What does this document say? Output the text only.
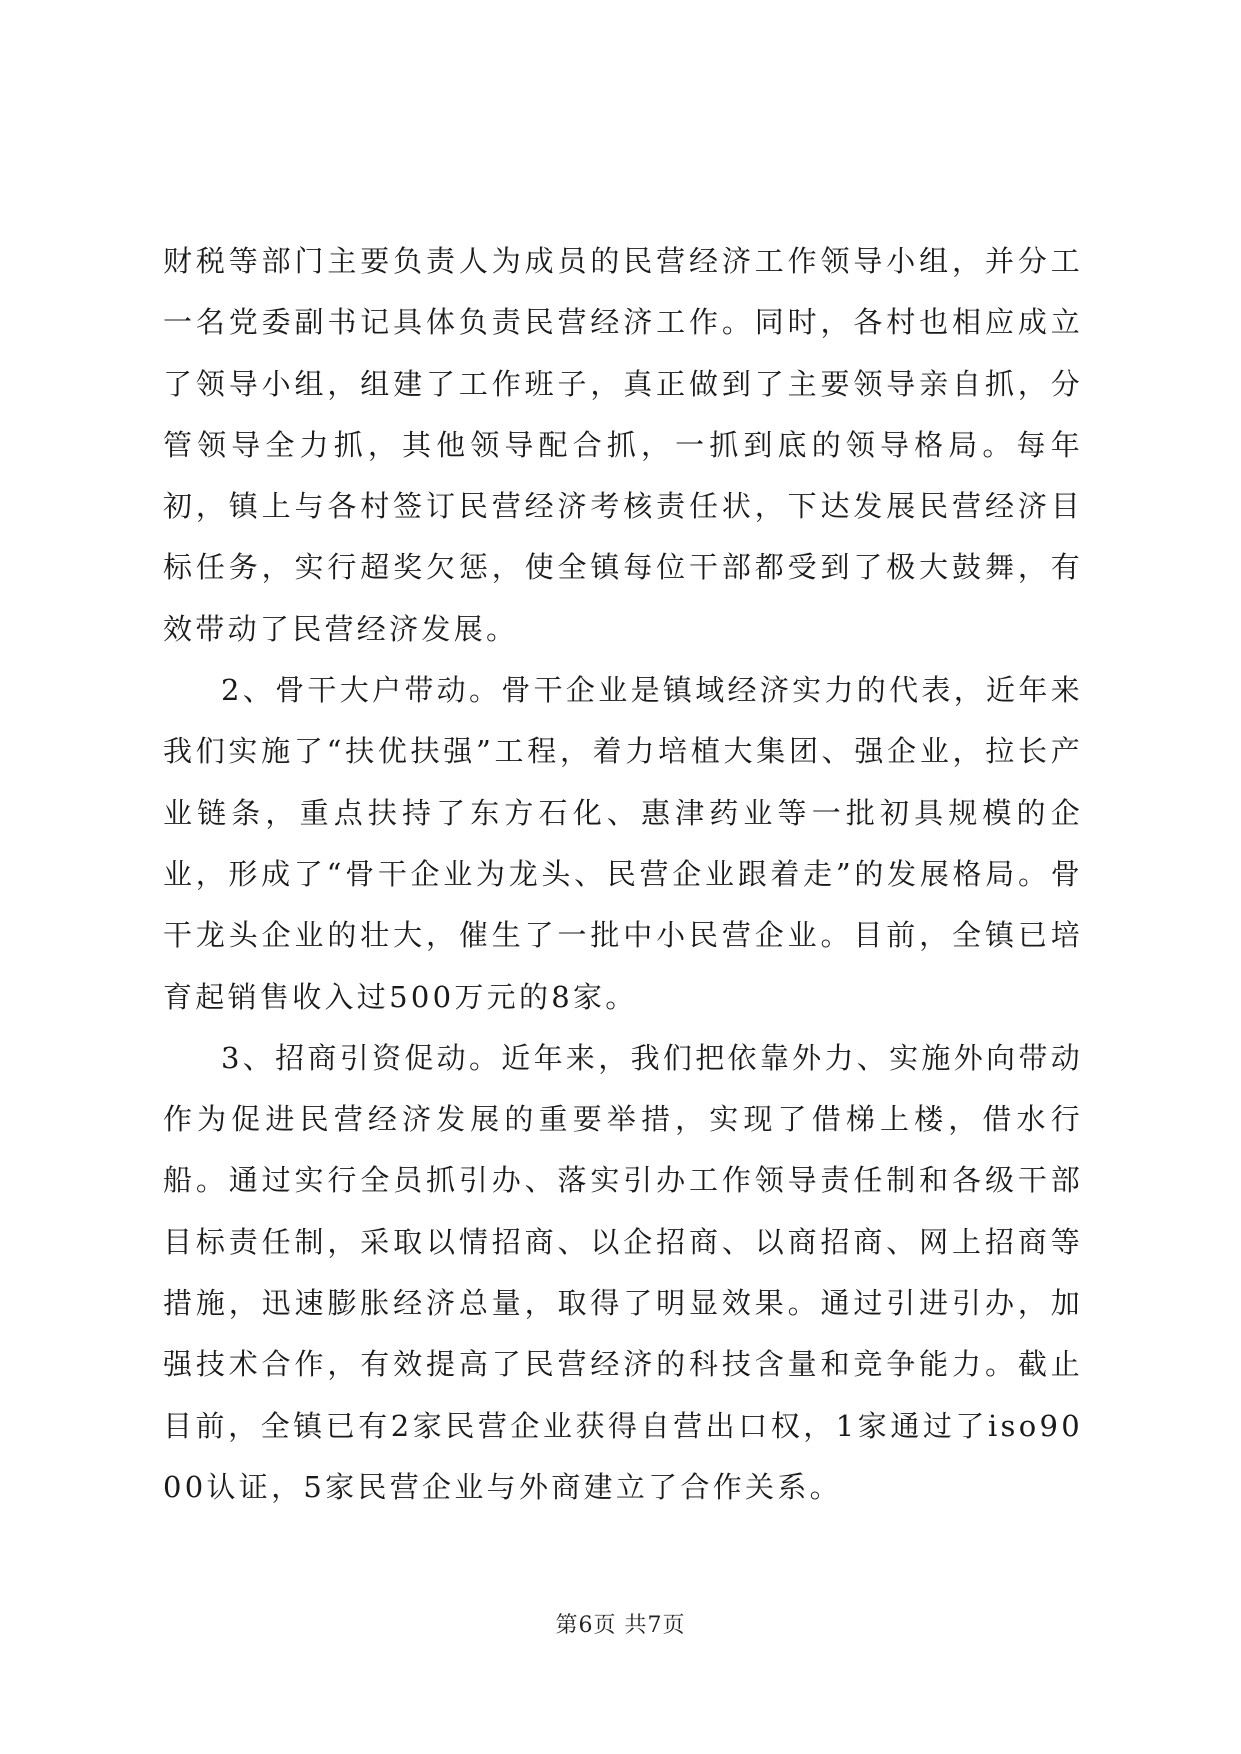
财税等部门主要负责人为成员的民营经济工作领导小组，并分工一名党委副书记具体负责民营经济工作。同时，各村也相应成立了领导小组，组建了工作班子，真正做到了主要领导亲自抓，分管领导全力抓，其他领导配合抓，一抓到底的领导格局。每年初，镇上与各村签订民营经济考核责任状，下达发展民营经济目标任务，实行超奖欠惩，使全镇每位干部都受到了极大鼓舞，有效带动了民营经济发展。

2、骨干大户带动。骨干企业是镇域经济实力的代表，近年来我们实施了“扶优扶强”工程，着力培植大集团、强企业，拉长产业链条，重点扶持了东方石化、惠津药业等一批初具规模的企业，形成了“骨干企业为龙头、民营企业跟着走”的发展格局。骨干龙头企业的壮大，催生了一批中小民营企业。目前，全镇已培育起销售收入过500万元的8家。

3、招商引资促动。近年来，我们把依靠外力、实施外向带动作为促进民营经济发展的重要举措，实现了借梯上楼，借水行船。通过实行全员抓引办、落实引办工作领导责任制和各级干部目标责任制，采取以情招商、以企招商、以商招商、网上招商等措施，迅速膨胀经济总量，取得了明显效果。通过引进引办，加强技术合作，有效提高了民营经济的科技含量和竞争能力。截止目前，全镇已有2家民营企业获得自营出口权，1家通过了iso9000认证，5家民营企业与外商建立了合作关系。

第6页 共7页
